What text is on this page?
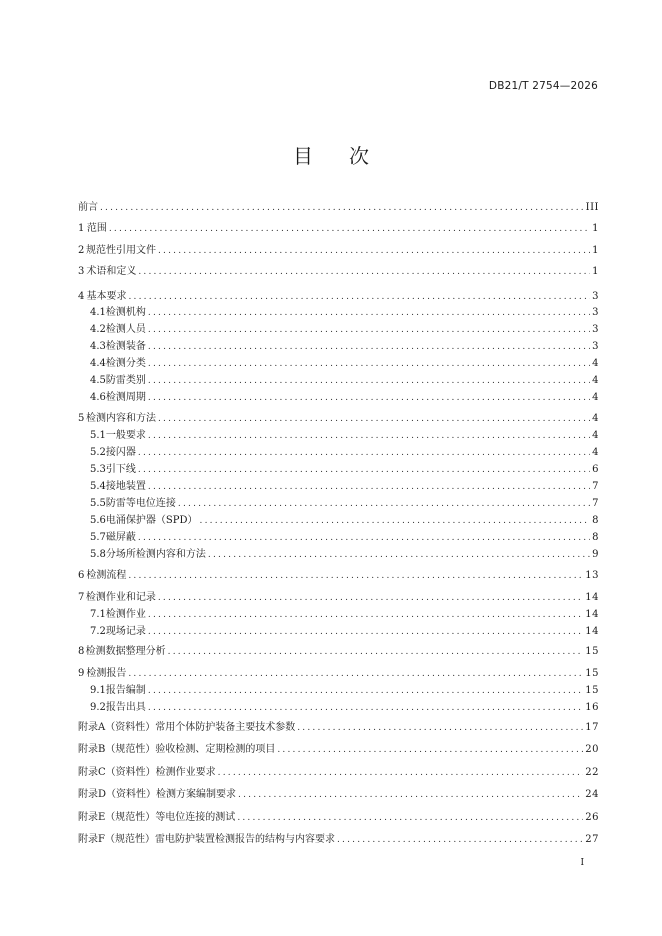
DB21/T 2754—2026
目 次
前言 .....	III
1 范围 .....	1
2 规范性引用文件 .....	1
3 术语和定义 .....	1
4 基本要求 .....	3
4.1 检测机构 .....	3
4.2 检测人员 .....	3
4.3 检测装备 .....	3
4.4 检测分类 .....	4
4.5 防雷类别 .....	4
4.6 检测周期 .....	4
5 检测内容和方法 .....	4
5.1 一般要求 .....	4
5.2 接闪器 .....	4
5.3 引下线 .....	6
5.4 接地装置 .....	7
5.5 防雷等电位连接 .....	7
5.6 电涌保护器（SPD） .....	8
5.7 磁屏蔽 .....	8
5.8 分场所检测内容和方法 .....	9
6 检测流程 .....	13
7 检测作业和记录 .....	14
7.1 检测作业 .....	14
7.2 现场记录 .....	14
8 检测数据整理分析 .....	15
9 检测报告 .....	15
9.1 报告编制 .....	15
9.2 报告出具 .....	16
附录A（资料性） 常用个体防护装备主要技术参数 .....	17
附录B（规范性） 验收检测、定期检测的项目 .....	20
附录C（资料性） 检测作业要求 .....	22
附录D（资料性） 检测方案编制要求 .....	24
附录E（规范性） 等电位连接的测试 .....	26
附录F（规范性） 雷电防护装置检测报告的结构与内容要求 .....	27
I
